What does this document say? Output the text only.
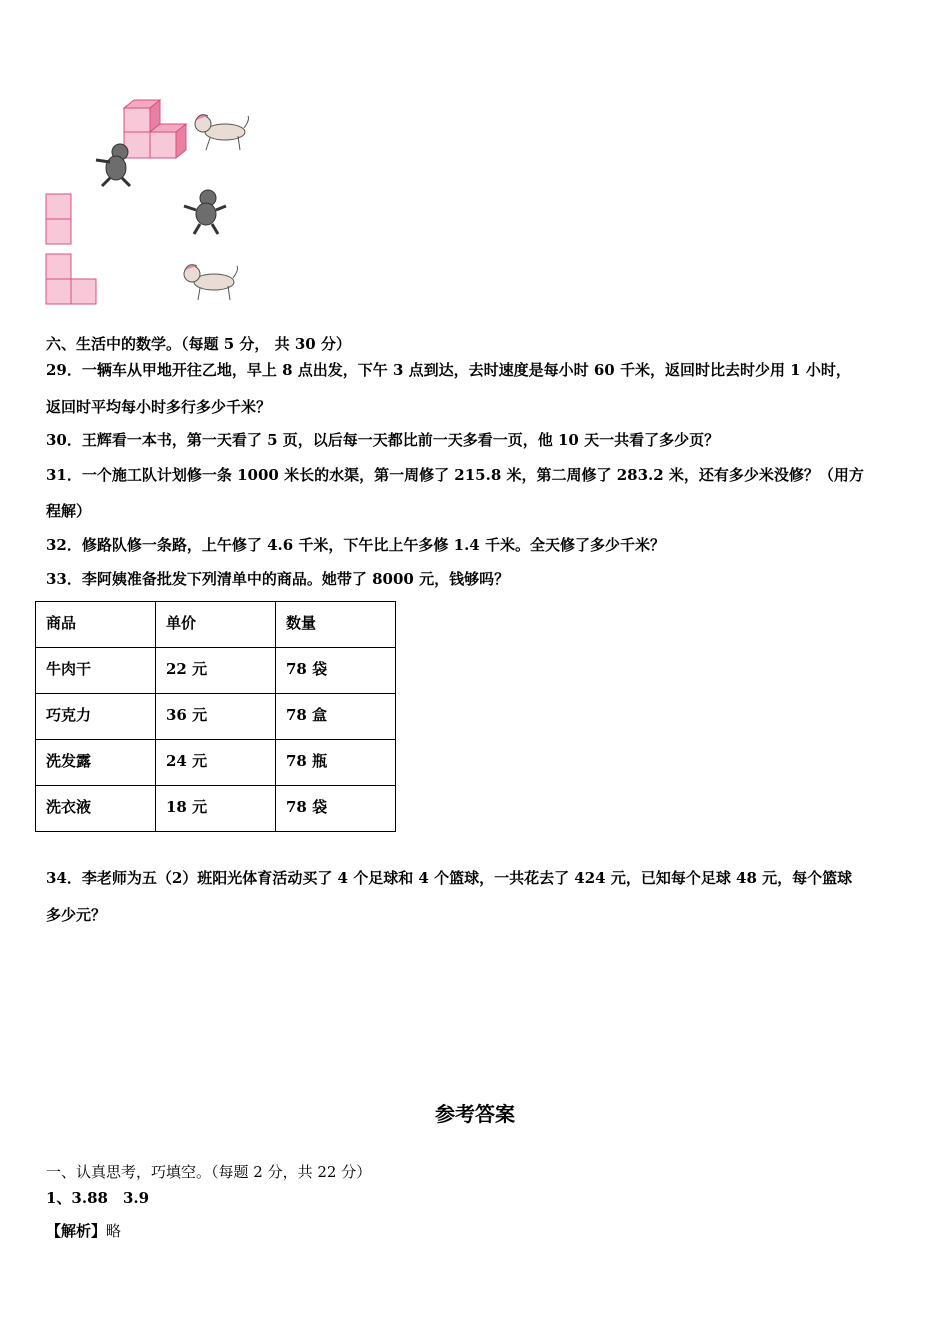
六、生活中的数学。（每题 5 分， 共 30 分）
29．一辆车从甲地开往乙地，早上 8 点出发，下午 3 点到达，去时速度是每小时 60 千米，返回时比去时少用 1 小时，
返回时平均每小时多行多少千米？
30．王辉看一本书，第一天看了 5 页，以后每一天都比前一天多看一页，他 10 天一共看了多少页？
31．一个施工队计划修一条 1000 米长的水渠，第一周修了 215.8 米，第二周修了 283.2 米，还有多少米没修？（用方
程解）
32．修路队修一条路，上午修了 4.6 千米，下午比上午多修 1.4 千米。全天修了多少千米？
33．李阿姨准备批发下列清单中的商品。她带了 8000 元，钱够吗？
商品	单价	数量
牛肉干	22 元	78 袋
巧克力	36 元	78 盒
洗发露	24 元	78 瓶
洗衣液	18 元	78 袋
34．李老师为五（2）班阳光体育活动买了 4 个足球和 4 个篮球，一共花去了 424 元，已知每个足球 48 元，每个篮球
多少元？
参考答案
一、认真思考，巧填空。（每题 2 分，共 22 分）
1、3.88　3.9
【解析】略
